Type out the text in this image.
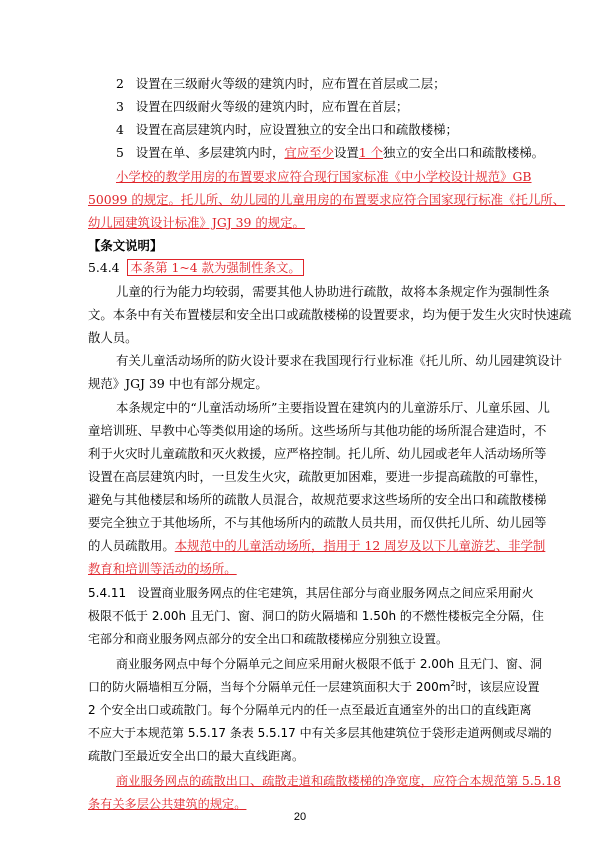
2 设置在三级耐火等级的建筑内时，应布置在首层或二层；
3 设置在四级耐火等级的建筑内时，应布置在首层；
4 设置在高层建筑内时，应设置独立的安全出口和疏散楼梯；
5 设置在单、多层建筑内时，宜应至少设置1 个独立的安全出口和疏散楼梯。
小学校的教学用房的布置要求应符合现行国家标准《中小学校设计规范》GB
50099 的规定。托儿所、幼儿园的儿童用房的布置要求应符合国家现行标准《托儿所、
幼儿园建筑设计标准》JGJ 39 的规定。
【条文说明】
5.4.4 本条第 1~4 款为强制性条文。
儿童的行为能力均较弱，需要其他人协助进行疏散，故将本条规定作为强制性条
文。本条中有关布置楼层和安全出口或疏散楼梯的设置要求，均为便于发生火灾时快速疏
散人员。
有关儿童活动场所的防火设计要求在我国现行行业标准《托儿所、幼儿园建筑设计
规范》JGJ 39 中也有部分规定。
本条规定中的“儿童活动场所”主要指设置在建筑内的儿童游乐厅、儿童乐园、儿
童培训班、早教中心等类似用途的场所。这些场所与其他功能的场所混合建造时，不
利于火灾时儿童疏散和灭火救援，应严格控制。托儿所、幼儿园或老年人活动场所等
设置在高层建筑内时，一旦发生火灾，疏散更加困难，要进一步提高疏散的可靠性，
避免与其他楼层和场所的疏散人员混合，故规范要求这些场所的安全出口和疏散楼梯
要完全独立于其他场所，不与其他场所内的疏散人员共用，而仅供托儿所、幼儿园等
的人员疏散用。本规范中的儿童活动场所，指用于 12 周岁及以下儿童游艺、非学制
教育和培训等活动的场所。
5.4.11 设置商业服务网点的住宅建筑，其居住部分与商业服务网点之间应采用耐火
极限不低于 2.00h 且无门、窗、洞口的防火隔墙和 1.50h 的不燃性楼板完全分隔，住
宅部分和商业服务网点部分的安全出口和疏散楼梯应分别独立设置。
商业服务网点中每个分隔单元之间应采用耐火极限不低于 2.00h 且无门、窗、洞
口的防火隔墙相互分隔，当每个分隔单元任一层建筑面积大于 $200m^2$时，该层应设置
2 个安全出口或疏散门。每个分隔单元内的任一点至最近直通室外的出口的直线距离
不应大于本规范第 5.5.17 条表 5.5.17 中有关多层其他建筑位于袋形走道两侧或尽端的
疏散门至最近安全出口的最大直线距离。
商业服务网点的疏散出口、疏散走道和疏散楼梯的净宽度，应符合本规范第 5.5.18
条有关多层公共建筑的规定。
20
